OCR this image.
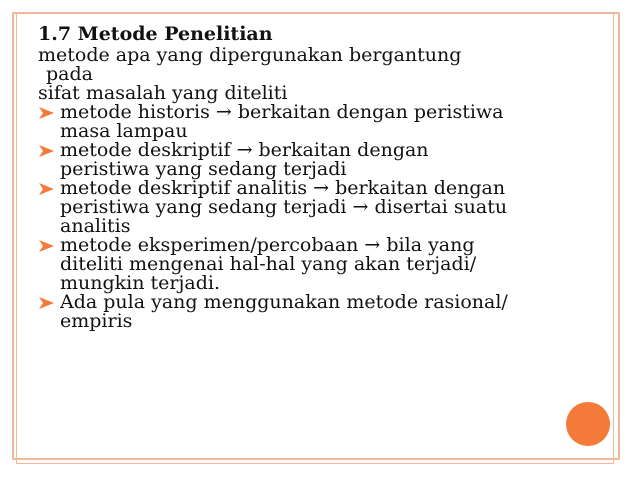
1.7 Metode Penelitian
metode apa yang dipergunakan bergantung
pada
sifat masalah yang diteliti
metode historis → berkaitan dengan peristiwa
masa lampau
metode deskriptif → berkaitan dengan
peristiwa yang sedang terjadi
metode deskriptif analitis → berkaitan dengan
peristiwa yang sedang terjadi → disertai suatu
analitis
metode eksperimen/percobaan → bila yang
diteliti mengenai hal-hal yang akan terjadi/
mungkin terjadi.
Ada pula yang menggunakan metode rasional/
empiris
